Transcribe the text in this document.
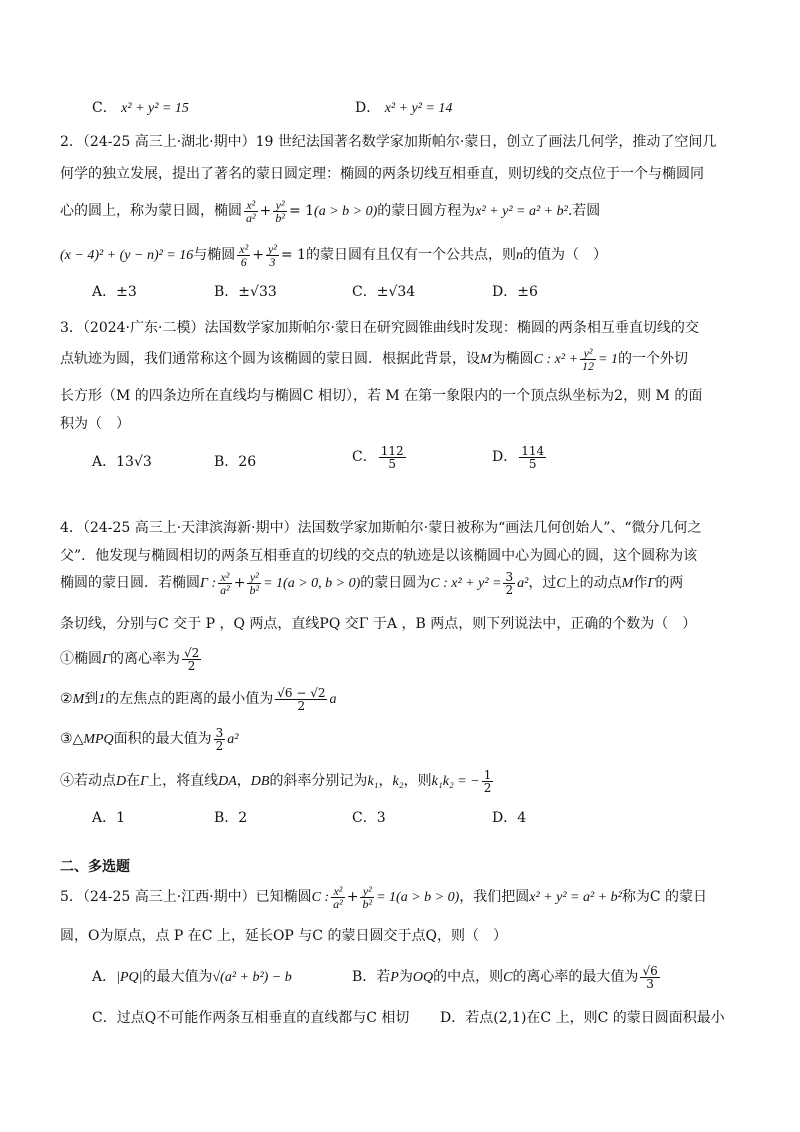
C． x² + y² = 15	D． x² + y² = 14
2．（24-25 高三上·湖北·期中）19 世纪法国著名数学家加斯帕尔·蒙日，创立了画法几何学，推动了空间几
何学的独立发展，提出了著名的蒙日圆定理：椭圆的两条切线互相垂直，则切线的交点位于一个与椭圆同
心的圆上，称为蒙日圆，椭圆 $\frac{\text{x²}}{\text{a²}} + \frac{\text{y²}}{\text{b²}} = 1(a > b > 0)$的蒙日圆方程为x² + y² = a² + b².若圆
(x − 4)² + (y − n)² = 16与椭圆 $\frac{\text{x²}}{6} + \frac{\text{y²}}{3} = 1$的蒙日圆有且仅有一个公共点，则n的值为（　）
A．±3	B．±√33	C．±√34	D．±6
3．（2024·广东·二模）法国数学家加斯帕尔·蒙日在研究圆锥曲线时发现：椭圆的两条相互垂直切线的交
点轨迹为圆，我们通常称这个圆为该椭圆的蒙日圆．根据此背景，设M为椭圆C : $x^2 + \frac{\text{y²}}{12} = 1$的一个外切
长方形（M 的四条边所在直线均与椭圆C 相切），若 M 在第一象限内的一个顶点纵坐标为2，则 M 的面
积为（　）
A．13√3	B．26	C． $\frac{112}{5}$	D． $\frac{114}{5}$
4．（24-25 高三上·天津滨海新·期中）法国数学家加斯帕尔·蒙日被称为“画法几何创始人”、“微分几何之
父”．他发现与椭圆相切的两条互相垂直的切线的交点的轨迹是以该椭圆中心为圆心的圆，这个圆称为该
椭圆的蒙日圆．若椭圆Γ : $\frac{\text{x²}}{\text{a²}} + \frac{\text{y²}}{\text{b²}} = 1(a > 0$, b > 0)的蒙日圆为C : $x^2 + y^2 = \frac{3}{2} a^2$，过C上的动点M作Γ的两
条切线，分别与C 交于 P ，Q 两点，直线PQ 交Γ 于A ，B 两点，则下列说法中，正确的个数为（　）
①椭圆Γ的离心率为 $\frac{√2}{2}$
②M到1的左焦点的距离的最小值为 $\frac{√6 - √2}{2}$ a
③△MPQ面积的最大值为 $\frac{3}{2} a^2$
④若动点D在Γ上，将直线DA，DB的斜率分别记为k₁，k₂，则k₁k₂ = − $\frac{1}{2}$
A．1	B．2	C．3	D．4
二、多选题
5．（24-25 高三上·江西·期中）已知椭圆C : $\frac{\text{x²}}{\text{a²}} + \frac{\text{y²}}{\text{b²}} = 1(a > b > 0)$，我们把圆x² + y² = a² + b²称为C 的蒙日
圆，O为原点，点 P 在C 上，延长OP 与C 的蒙日圆交于点Q，则（　）
A．|PQ|的最大值为√(a² + b²) − b	B．若P为OQ的中点，则C的离心率的最大值为 $\frac{√6}{3}$
C．过点Q不可能作两条互相垂直的直线都与C 相切 D．若点(2,1)在C 上，则C 的蒙日圆面积最小
